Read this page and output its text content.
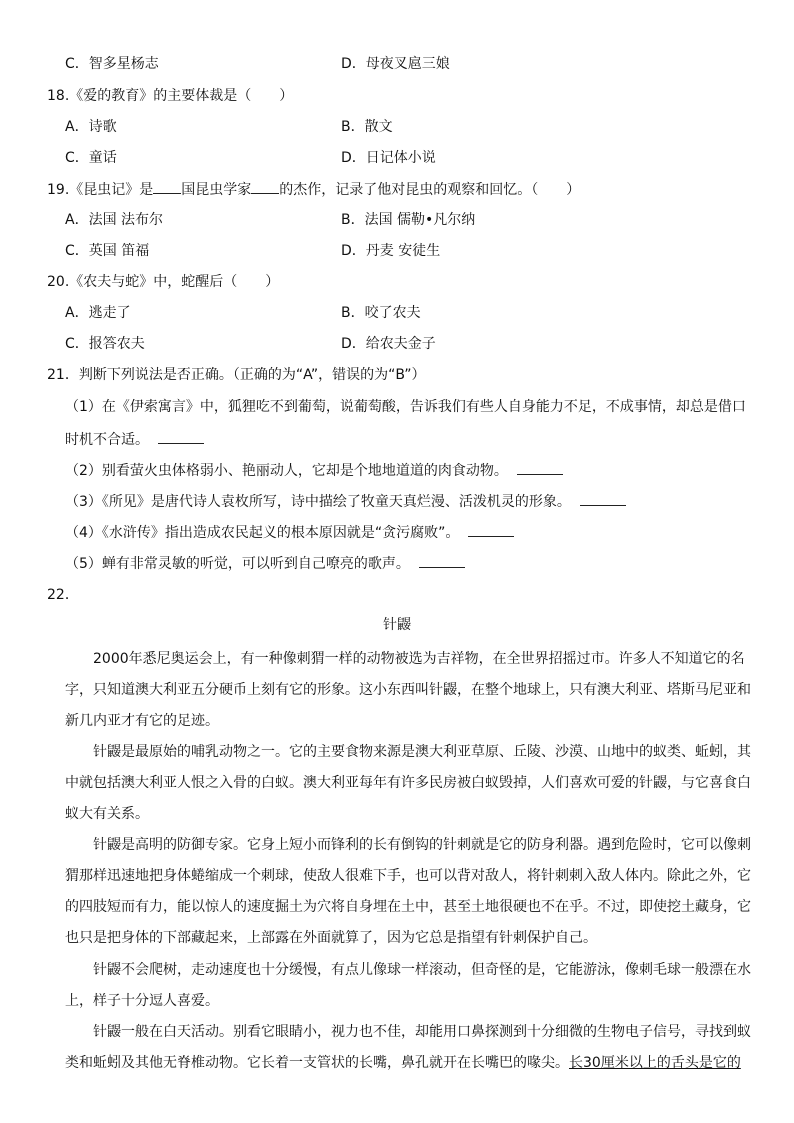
C．智多星杨志	D．母夜叉扈三娘
18.《爱的教育》的主要体裁是（　　）
A．诗歌	B．散文
C．童话	D．日记体小说
19.《昆虫记》是 国昆虫学家 的杰作，记录了他对昆虫的观察和回忆。（　　）
A．法国 法布尔	B．法国 儒勒•凡尔纳
C．英国 笛福	D．丹麦 安徒生
20.《农夫与蛇》中，蛇醒后（　　）
A．逃走了	B．咬了农夫
C．报答农夫	D．给农夫金子
21．判断下列说法是否正确。（正确的为“A”，错误的为“B”）
（1）在《伊索寓言》中，狐狸吃不到葡萄，说葡萄酸，告诉我们有些人自身能力不足，不成事情，却总是借口
时机不合适。
（2）别看萤火虫体格弱小、艳丽动人，它却是个地地道道的肉食动物。
（3）《所见》是唐代诗人袁枚所写，诗中描绘了牧童天真烂漫、活泼机灵的形象。
（4）《水浒传》指出造成农民起义的根本原因就是“贪污腐败”。
（5）蝉有非常灵敏的听觉，可以听到自己嘹亮的歌声。
22．
针鼹
　　2000年悉尼奥运会上，有一种像刺猬一样的动物被选为吉祥物，在全世界招摇过市。许多人不知道它的名
字，只知道澳大利亚五分硬币上刻有它的形象。这小东西叫针鼹，在整个地球上，只有澳大利亚、塔斯马尼亚和
新几内亚才有它的足迹。
　　针鼹是最原始的哺乳动物之一。它的主要食物来源是澳大利亚草原、丘陵、沙漠、山地中的蚁类、蚯蚓，其
中就包括澳大利亚人恨之入骨的白蚁。澳大利亚每年有许多民房被白蚁毁掉，人们喜欢可爱的针鼹，与它喜食白
蚁大有关系。
　　针鼹是高明的防御专家。它身上短小而锋利的长有倒钩的针刺就是它的防身利器。遇到危险时，它可以像刺
猬那样迅速地把身体蜷缩成一个刺球，使敌人很难下手，也可以背对敌人，将针刺刺入敌人体内。除此之外，它
的四肢短而有力，能以惊人的速度掘土为穴将自身埋在土中，甚至土地很硬也不在乎。不过，即使挖土藏身，它
也只是把身体的下部藏起来，上部露在外面就算了，因为它总是指望有针刺保护自己。
　　针鼹不会爬树，走动速度也十分缓慢，有点儿像球一样滚动，但奇怪的是，它能游泳，像刺毛球一般漂在水
上，样子十分逗人喜爱。
　　针鼹一般在白天活动。别看它眼睛小，视力也不佳，却能用口鼻探测到十分细微的生物电子信号，寻找到蚁
类和蚯蚓及其他无脊椎动物。它长着一支管状的长嘴，鼻孔就开在长嘴巴的喙尖。长30厘米以上的舌头是它的
